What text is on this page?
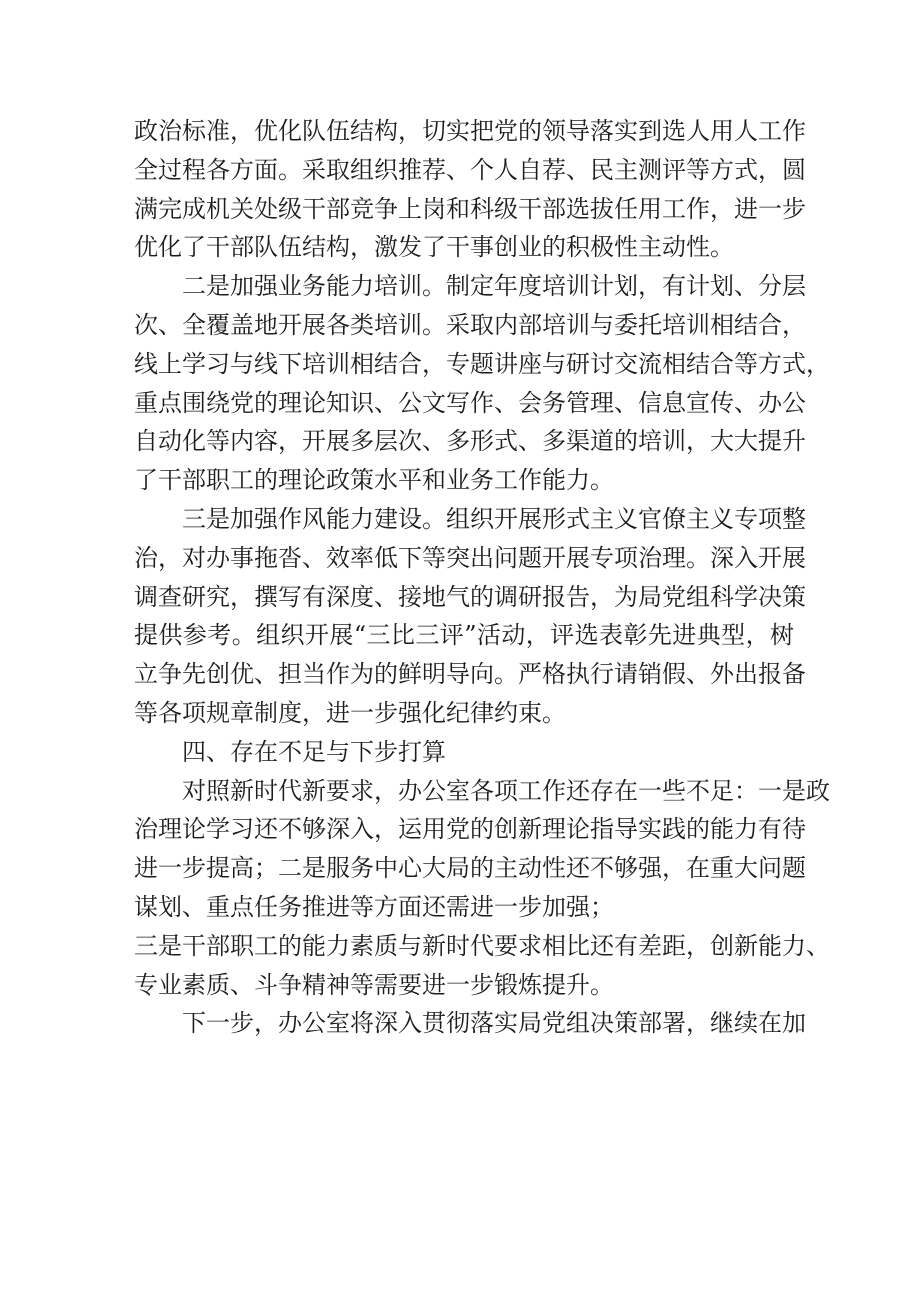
政治标准，优化队伍结构，切实把党的领导落实到选人用人工作
全过程各方面。采取组织推荐、个人自荐、民主测评等方式，圆
满完成机关处级干部竞争上岗和科级干部选拔任用工作，进一步
优化了干部队伍结构，激发了干事创业的积极性主动性。
二是加强业务能力培训。制定年度培训计划，有计划、分层
次、全覆盖地开展各类培训。采取内部培训与委托培训相结合，
线上学习与线下培训相结合，专题讲座与研讨交流相结合等方式，
重点围绕党的理论知识、公文写作、会务管理、信息宣传、办公
自动化等内容，开展多层次、多形式、多渠道的培训，大大提升
了干部职工的理论政策水平和业务工作能力。
三是加强作风能力建设。组织开展形式主义官僚主义专项整
治，对办事拖沓、效率低下等突出问题开展专项治理。深入开展
调查研究，撰写有深度、接地气的调研报告，为局党组科学决策
提供参考。组织开展“三比三评”活动，评选表彰先进典型，树
立争先创优、担当作为的鲜明导向。严格执行请销假、外出报备
等各项规章制度，进一步强化纪律约束。
四、存在不足与下步打算
对照新时代新要求，办公室各项工作还存在一些不足：一是政
治理论学习还不够深入，运用党的创新理论指导实践的能力有待
进一步提高；二是服务中心大局的主动性还不够强，在重大问题
谋划、重点任务推进等方面还需进一步加强；
三是干部职工的能力素质与新时代要求相比还有差距，创新能力、
专业素质、斗争精神等需要进一步锻炼提升。
下一步，办公室将深入贯彻落实局党组决策部署，继续在加
